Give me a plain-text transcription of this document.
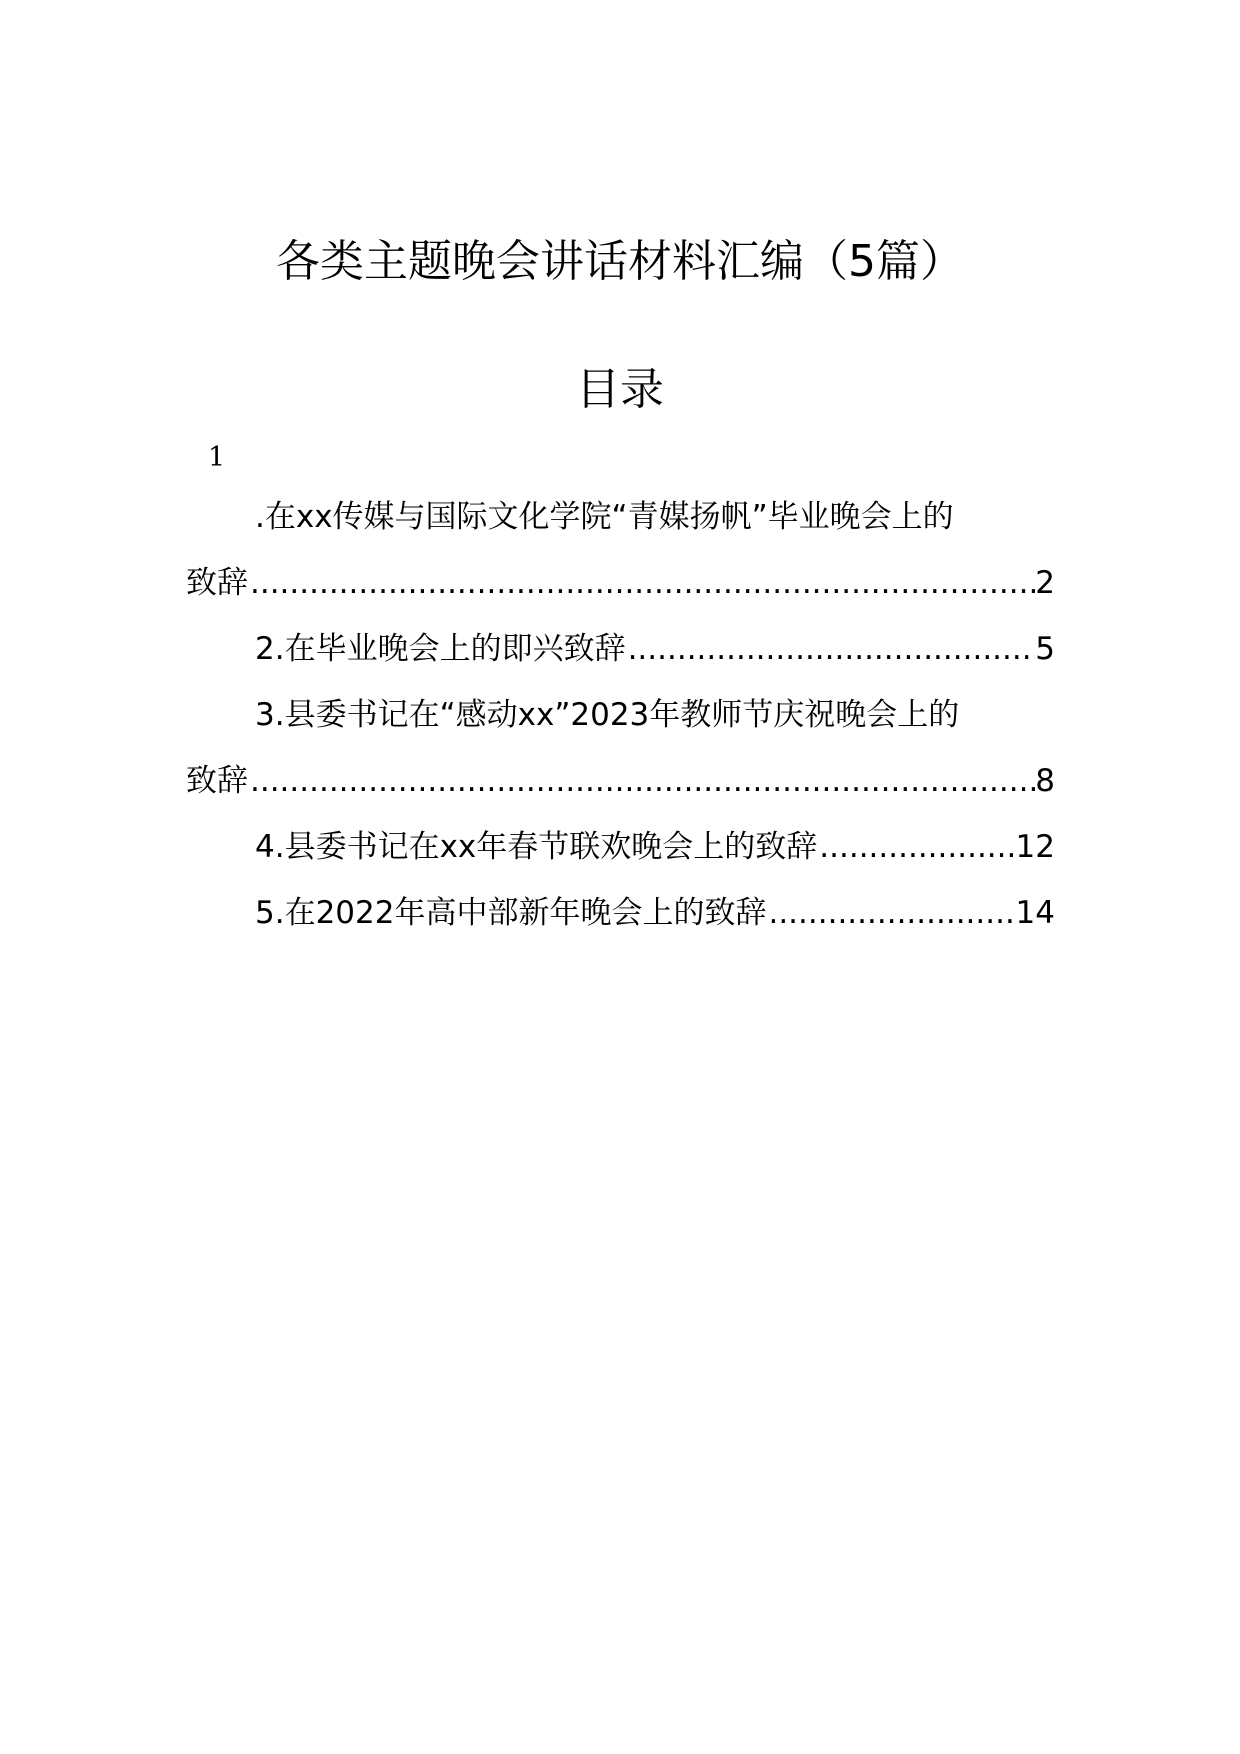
各类主题晚会讲话材料汇编（5篇）
目录
1
.在xx传媒与国际文化学院“青媒扬帆”毕业晚会上的
致辞 .....	2
2.在毕业晚会上的即兴致辞 .....	5
3.县委书记在“感动xx”2023年教师节庆祝晚会上的
致辞 .....	8
4.县委书记在xx年春节联欢晚会上的致辞 .....	12
5.在2022年高中部新年晚会上的致辞 .....	14
